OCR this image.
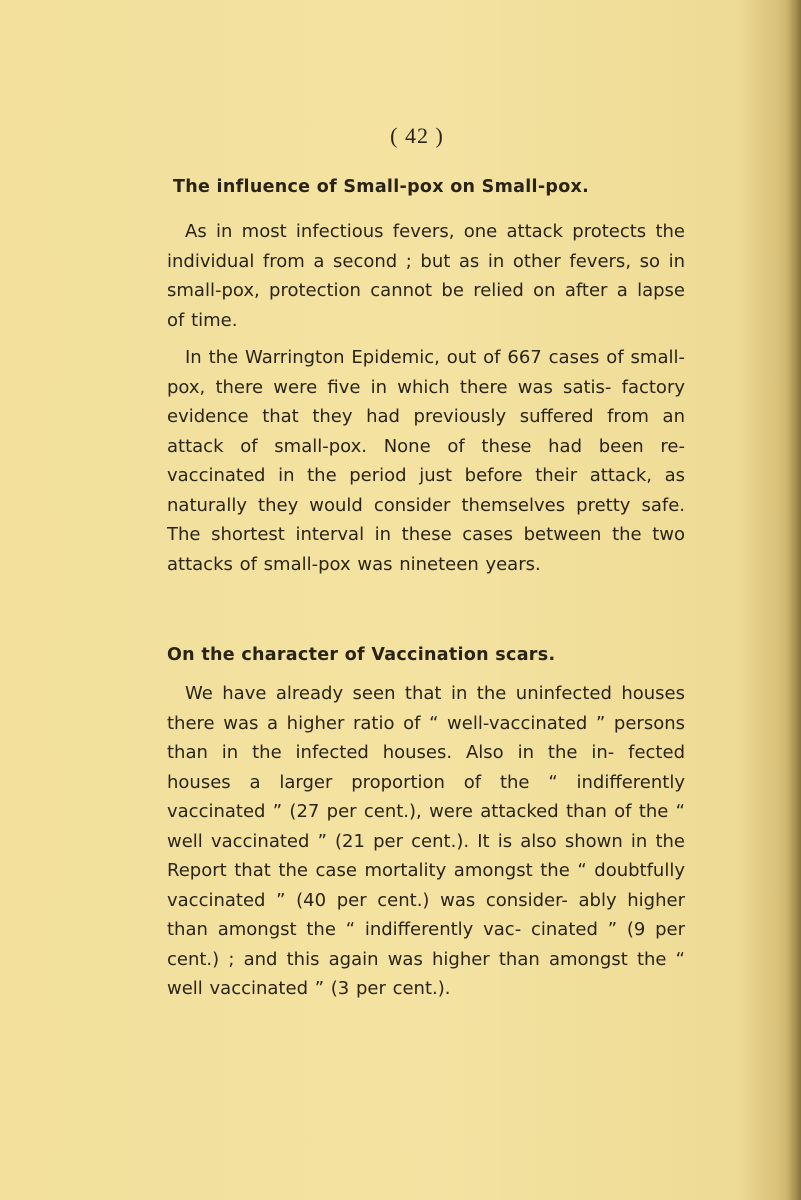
( 42 )
The influence of Small-pox on Small-pox.

As in most infectious fevers, one attack protects the individual from a second ; but as in other fevers, so in small-pox, protection cannot be relied on after a lapse of time.

In the Warrington Epidemic, out of 667 cases of small-pox, there were five in which there was satis- factory evidence that they had previously suffered from an attack of small-pox. None of these had been re-vaccinated in the period just before their attack, as naturally they would consider themselves pretty safe. The shortest interval in these cases between the two attacks of small-pox was nineteen years.

On the character of Vaccination scars.

We have already seen that in the uninfected houses there was a higher ratio of “ well-vaccinated ” persons than in the infected houses. Also in the in- fected houses a larger proportion of the “ indifferently vaccinated ” (27 per cent.), were attacked than of the “ well vaccinated ” (21 per cent.). It is also shown in the Report that the case mortality amongst the “ doubtfully vaccinated ” (40 per cent.) was consider- ably higher than amongst the “ indifferently vac- cinated ” (9 per cent.) ; and this again was higher than amongst the “ well vaccinated ” (3 per cent.).
